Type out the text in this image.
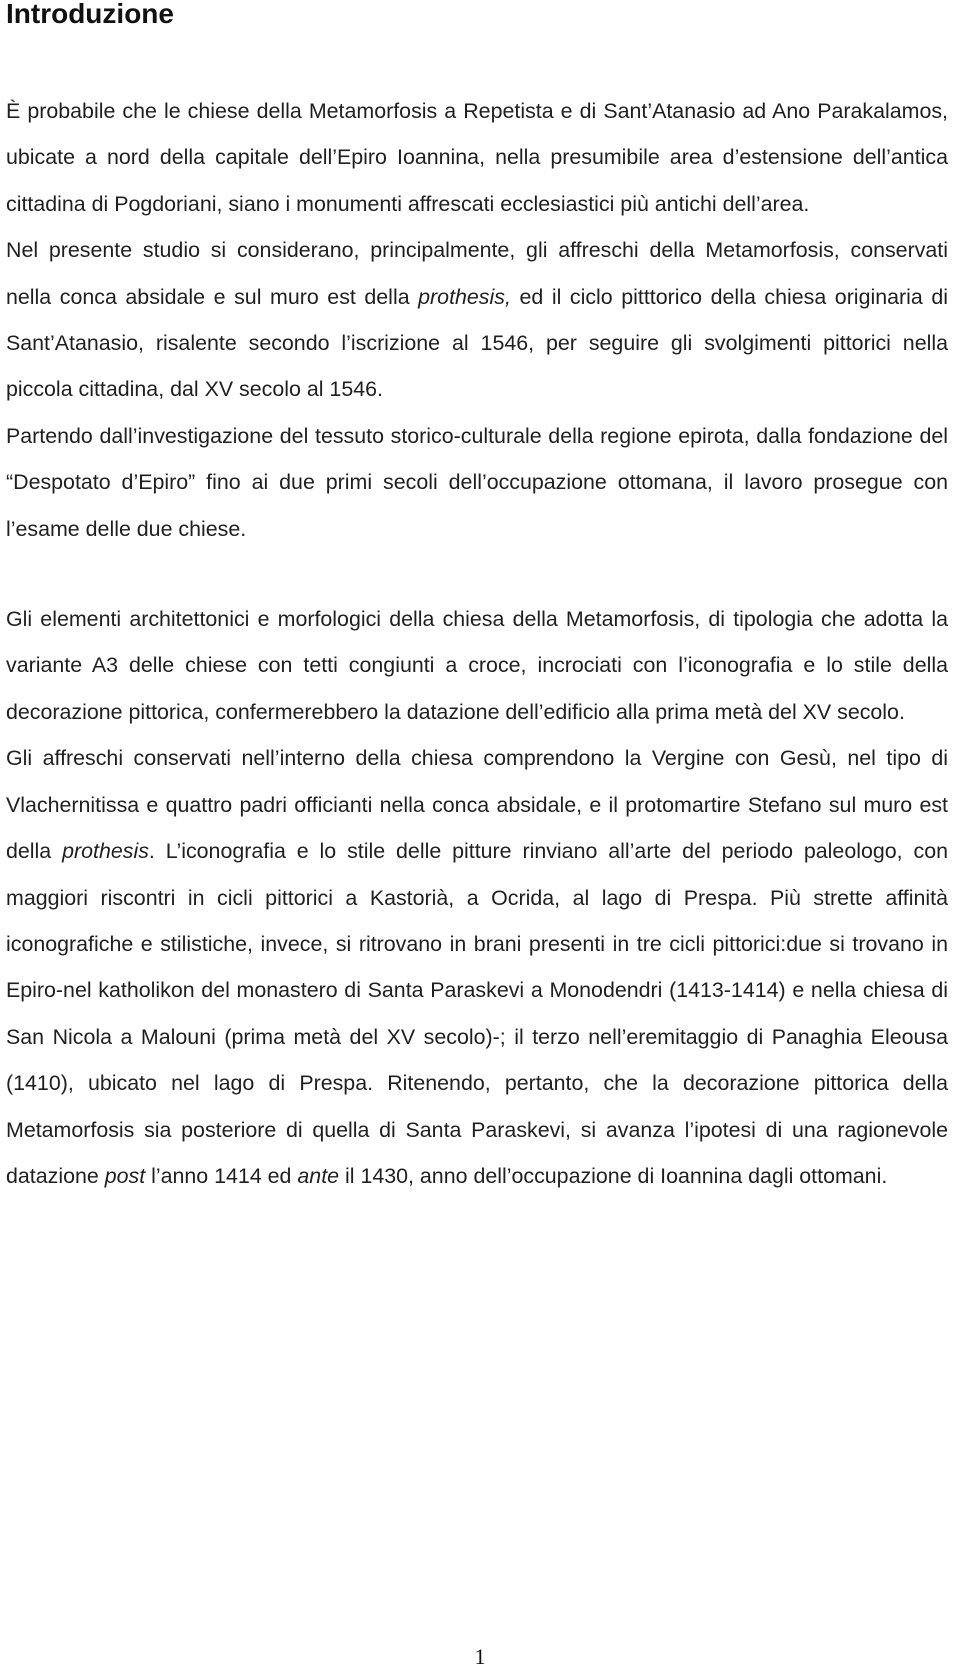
Introduzione

È probabile che le chiese della Metamorfosis a Repetista e di Sant’Atanasio ad Ano Parakalamos, ubicate a nord della capitale dell’Epiro Ioannina, nella presumibile area d’estensione dell’antica cittadina di Pogdoriani, siano i monumenti affrescati ecclesiastici più antichi dell’area.

Nel presente studio si considerano, principalmente, gli affreschi della Metamorfosis, conservati nella conca absidale e sul muro est della prothesis, ed il ciclo pitttorico della chiesa originaria di Sant’Atanasio, risalente secondo l’iscrizione al 1546, per seguire gli svolgimenti pittorici nella piccola cittadina, dal XV secolo al 1546.

Partendo dall’investigazione del tessuto storico-culturale della regione epirota, dalla fondazione del “Despotato d’Epiro” fino ai due primi secoli dell’occupazione ottomana, il lavoro prosegue con l’esame delle due chiese.

Gli elementi architettonici e morfologici della chiesa della Metamorfosis, di tipologia che adotta la variante A3 delle chiese con tetti congiunti a croce, incrociati con l’iconografia e lo stile della decorazione pittorica, confermerebbero la datazione dell’edificio alla prima metà del XV secolo.

Gli affreschi conservati nell’interno della chiesa comprendono la Vergine con Gesù, nel tipo di Vlachernitissa e quattro padri officianti nella conca absidale, e il protomartire Stefano sul muro est della prothesis. L’iconografia e lo stile delle pitture rinviano all’arte del periodo paleologo, con maggiori riscontri in cicli pittorici a Kastorià, a Ocrida, al lago di Prespa. Più strette affinità iconografiche e stilistiche, invece, si ritrovano in brani presenti in tre cicli pittorici:due si trovano in Epiro-nel katholikon del monastero di Santa Paraskevi a Monodendri (1413-1414) e nella chiesa di San Nicola a Malouni (prima metà del XV secolo)-; il terzo nell’eremitaggio di Panaghia Eleousa (1410), ubicato nel lago di Prespa. Ritenendo, pertanto, che la decorazione pittorica della Metamorfosis sia posteriore di quella di Santa Paraskevi, si avanza l’ipotesi di una ragionevole datazione post l’anno 1414 ed ante il 1430, anno dell’occupazione di Ioannina dagli ottomani.

1
